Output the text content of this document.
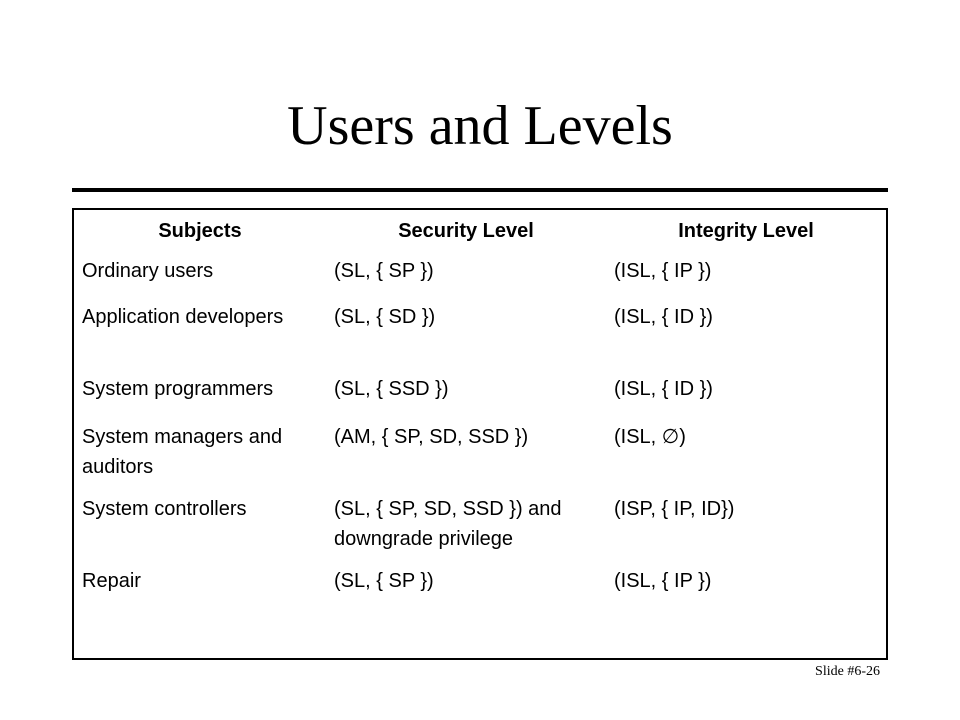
Users and Levels
Subjects	Security Level	Integrity Level
Ordinary users	(SL, { SP })	(ISL, { IP })
Application developers	(SL, { SD })	(ISL, { ID })
System programmers	(SL, { SSD })	(ISL, { ID })
System managers and auditors	(AM, { SP, SD, SSD })	(ISL, ∅)
System controllers	(SL, { SP, SD, SSD }) and downgrade privilege	(ISP, { IP, ID})
Repair	(SL, { SP })	(ISL, { IP })
Slide #6-26
